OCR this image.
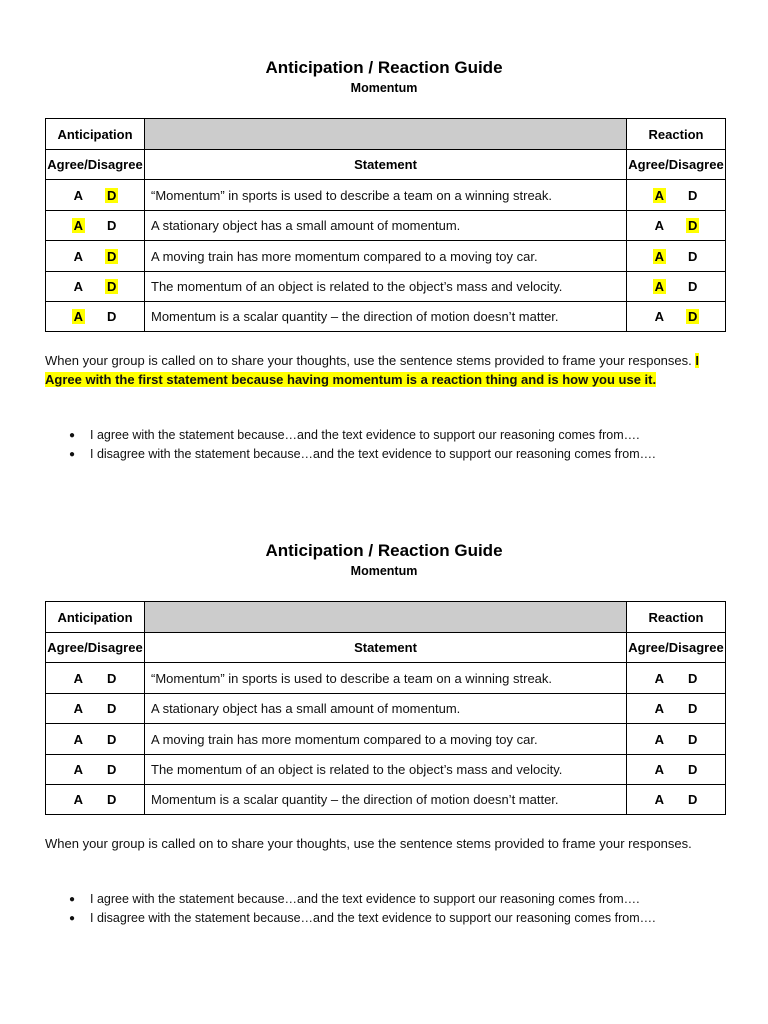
Anticipation / Reaction Guide
Momentum
Anticipation		Reaction
Agree/Disagree	Statement	Agree/Disagree
A D	“Momentum” in sports is used to describe a team on a winning streak.	A D
A D	A stationary object has a small amount of momentum.	A D
A D	A moving train has more momentum compared to a moving toy car.	A D
A D	The momentum of an object is related to the object’s mass and velocity.	A D
A D	Momentum is a scalar quantity – the direction of motion doesn’t matter.	A D
When your group is called on to share your thoughts, use the sentence stems provided to frame your responses. I Agree with the first statement because having momentum is a reaction thing and is how you use it.
● I agree with the statement because…and the text evidence to support our reasoning comes from….
● I disagree with the statement because…and the text evidence to support our reasoning comes from….
Anticipation / Reaction Guide
Momentum
Anticipation		Reaction
Agree/Disagree	Statement	Agree/Disagree
A D	“Momentum” in sports is used to describe a team on a winning streak.	A D
A D	A stationary object has a small amount of momentum.	A D
A D	A moving train has more momentum compared to a moving toy car.	A D
A D	The momentum of an object is related to the object’s mass and velocity.	A D
A D	Momentum is a scalar quantity – the direction of motion doesn’t matter.	A D
When your group is called on to share your thoughts, use the sentence stems provided to frame your responses.
● I agree with the statement because…and the text evidence to support our reasoning comes from….
● I disagree with the statement because…and the text evidence to support our reasoning comes from….
